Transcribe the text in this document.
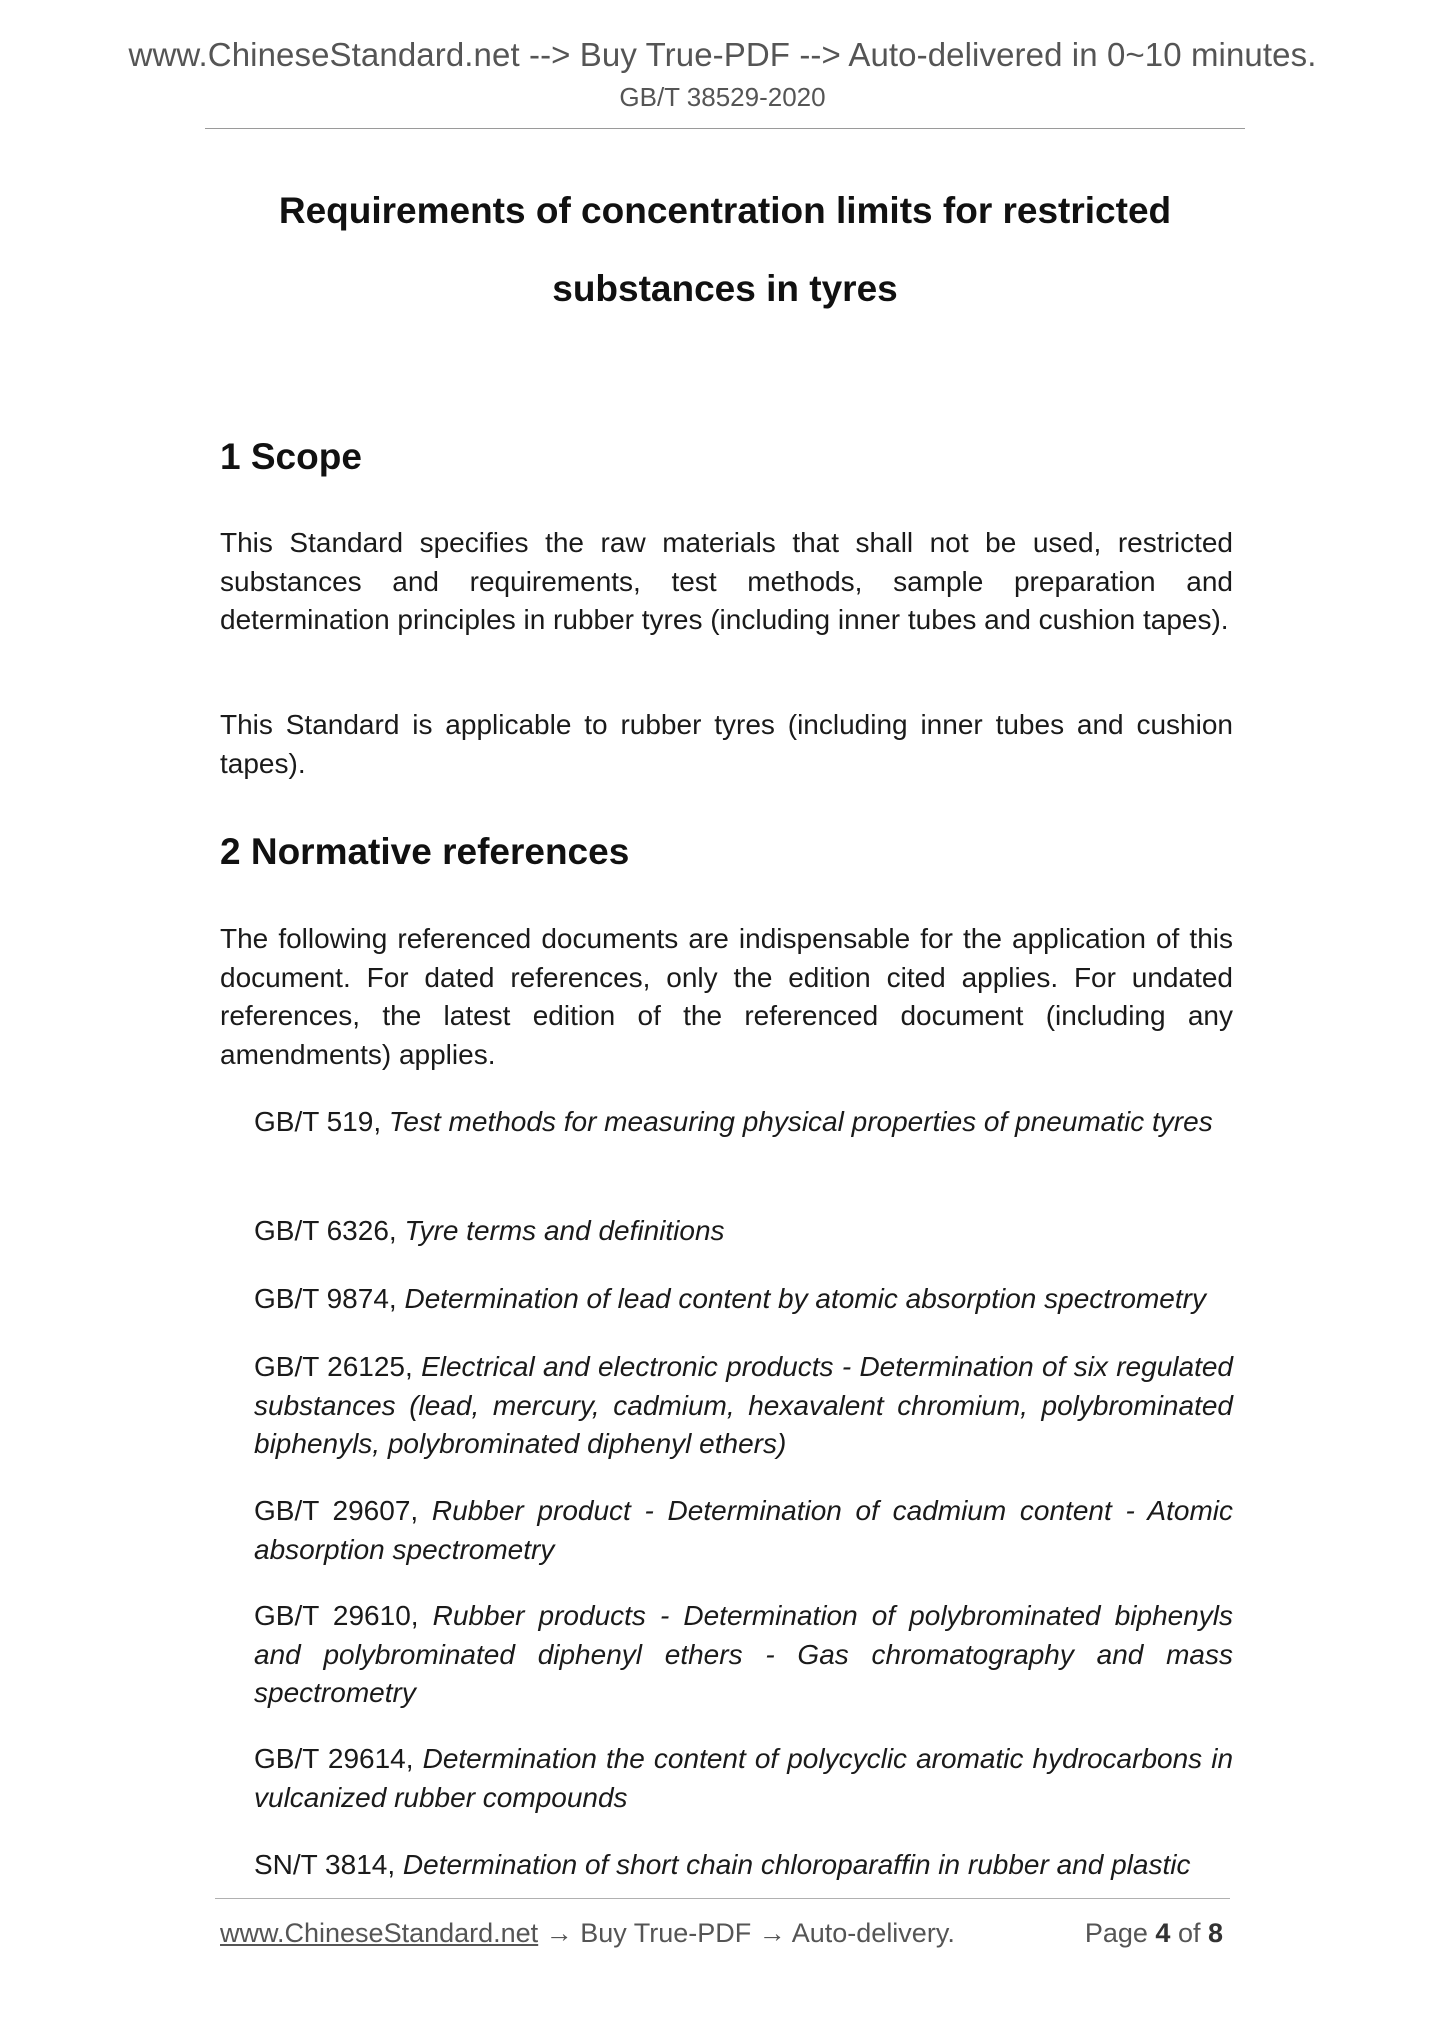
www.ChineseStandard.net --> Buy True-PDF --> Auto-delivered in 0~10 minutes.
GB/T 38529-2020
Requirements of concentration limits for restricted
substances in tyres
1 Scope
This Standard specifies the raw materials that shall not be used, restricted substances and requirements, test methods, sample preparation and determination principles in rubber tyres (including inner tubes and cushion tapes).
This Standard is applicable to rubber tyres (including inner tubes and cushion tapes).
2 Normative references
The following referenced documents are indispensable for the application of this document. For dated references, only the edition cited applies. For undated references, the latest edition of the referenced document (including any amendments) applies.
GB/T 519, Test methods for measuring physical properties of pneumatic tyres
GB/T 6326, Tyre terms and definitions
GB/T 9874, Determination of lead content by atomic absorption spectrometry
GB/T 26125, Electrical and electronic products - Determination of six regulated substances (lead, mercury, cadmium, hexavalent chromium, polybrominated biphenyls, polybrominated diphenyl ethers)
GB/T 29607, Rubber product - Determination of cadmium content - Atomic absorption spectrometry
GB/T 29610, Rubber products - Determination of polybrominated biphenyls and polybrominated diphenyl ethers - Gas chromatography and mass spectrometry
GB/T 29614, Determination the content of polycyclic aromatic hydrocarbons in vulcanized rubber compounds
SN/T 3814, Determination of short chain chloroparaffin in rubber and plastic
www.ChineseStandard.net → Buy True-PDF → Auto-delivery.	Page 4 of 8
